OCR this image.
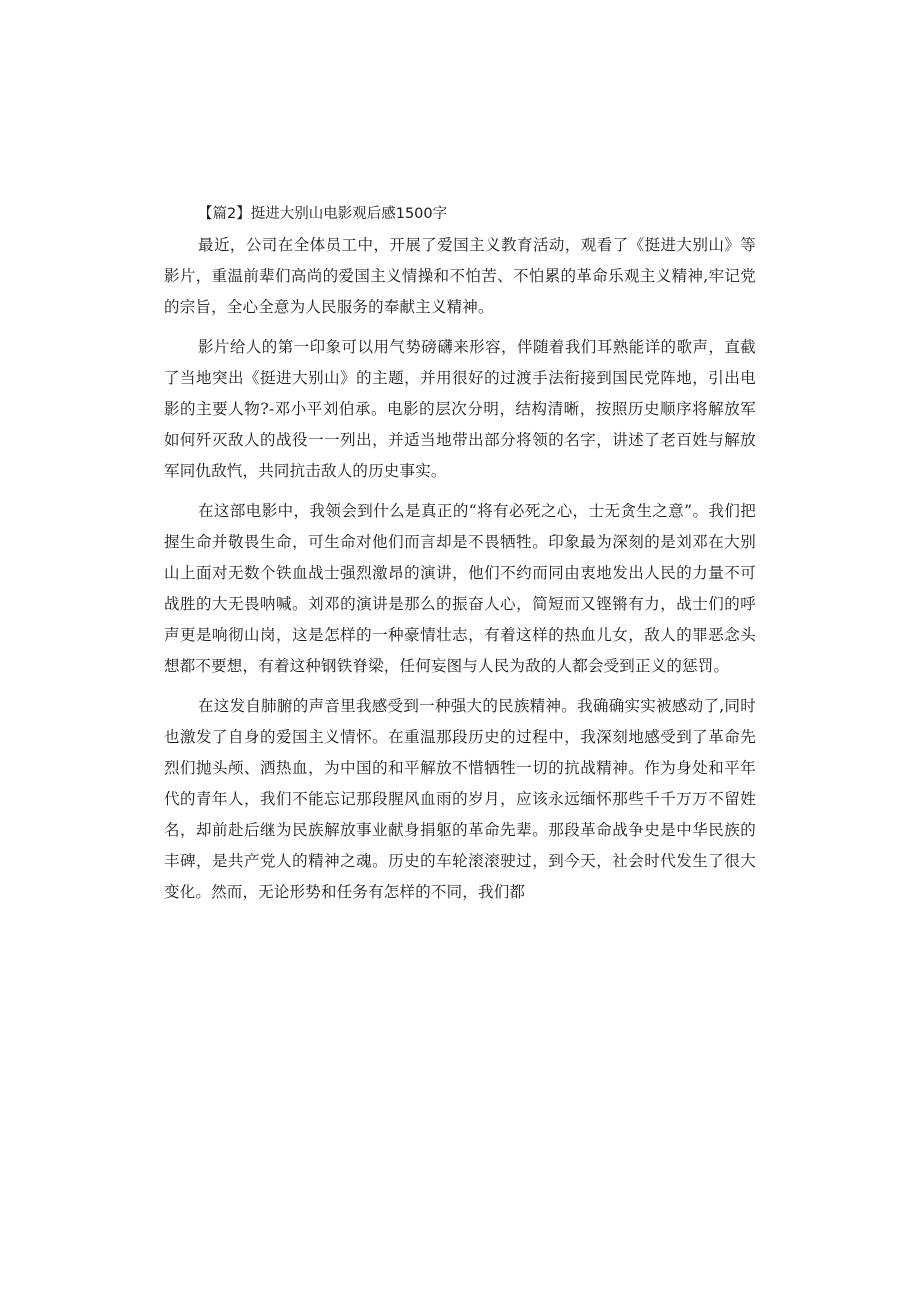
【篇2】挺进大别山电影观后感1500字

最近，公司在全体员工中，开展了爱国主义教育活动，观看了《挺进大别山》等影片，重温前辈们高尚的爱国主义情操和不怕苦、不怕累的革命乐观主义精神,牢记党的宗旨，全心全意为人民服务的奉献主义精神。

影片给人的第一印象可以用气势磅礴来形容，伴随着我们耳熟能详的歌声，直截了当地突出《挺进大别山》的主题，并用很好的过渡手法衔接到国民党阵地，引出电影的主要人物?-邓小平刘伯承。电影的层次分明，结构清晰，按照历史顺序将解放军如何歼灭敌人的战役一一列出，并适当地带出部分将领的名字，讲述了老百姓与解放军同仇敌忾，共同抗击敌人的历史事实。

在这部电影中，我领会到什么是真正的“将有必死之心，士无贪生之意”。我们把握生命并敬畏生命，可生命对他们而言却是不畏牺牲。印象最为深刻的是刘邓在大别山上面对无数个铁血战士强烈激昂的演讲，他们不约而同由衷地发出人民的力量不可战胜的大无畏呐喊。刘邓的演讲是那么的振奋人心，简短而又铿锵有力，战士们的呼声更是响彻山岗，这是怎样的一种豪情壮志，有着这样的热血儿女，敌人的罪恶念头想都不要想，有着这种钢铁脊梁，任何妄图与人民为敌的人都会受到正义的惩罚。

在这发自肺腑的声音里我感受到一种强大的民族精神。我确确实实被感动了,同时也激发了自身的爱国主义情怀。在重温那段历史的过程中，我深刻地感受到了革命先烈们抛头颅、洒热血，为中国的和平解放不惜牺牲一切的抗战精神。作为身处和平年代的青年人，我们不能忘记那段腥风血雨的岁月，应该永远缅怀那些千千万万不留姓名，却前赴后继为民族解放事业献身捐躯的革命先辈。那段革命战争史是中华民族的丰碑，是共产党人的精神之魂。历史的车轮滚滚驶过，到今天，社会时代发生了很大变化。然而，无论形势和任务有怎样的不同，我们都
